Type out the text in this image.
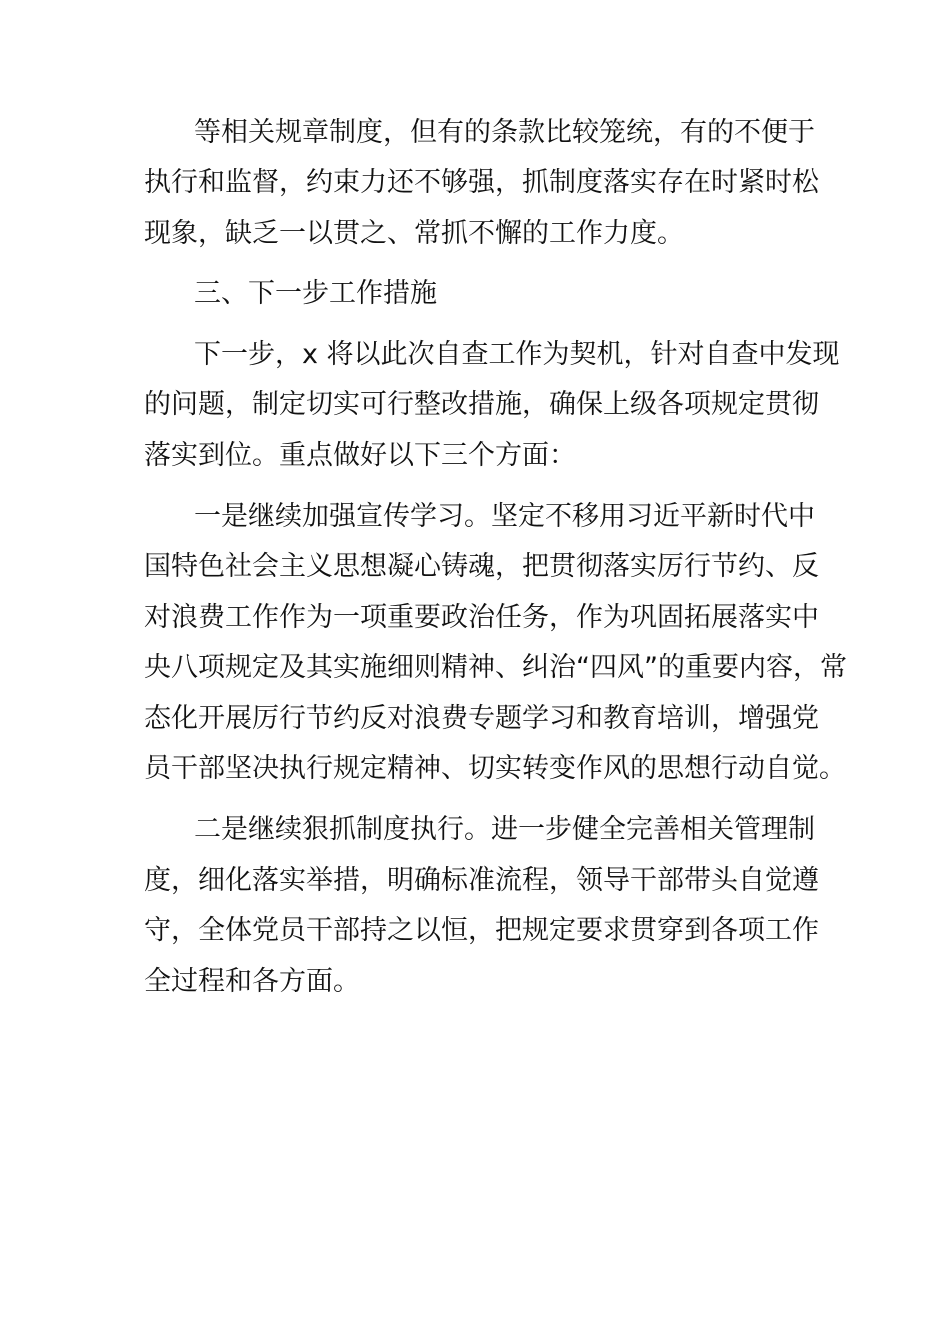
等相关规章制度，但有的条款比较笼统，有的不便于
执行和监督，约束力还不够强，抓制度落实存在时紧时松
现象，缺乏一以贯之、常抓不懈的工作力度。
三、下一步工作措施
下一步，x 将以此次自查工作为契机，针对自查中发现
的问题，制定切实可行整改措施，确保上级各项规定贯彻
落实到位。重点做好以下三个方面：
一是继续加强宣传学习。坚定不移用习近平新时代中
国特色社会主义思想凝心铸魂，把贯彻落实厉行节约、反
对浪费工作作为一项重要政治任务，作为巩固拓展落实中
央八项规定及其实施细则精神、纠治“四风”的重要内容，常
态化开展厉行节约反对浪费专题学习和教育培训，增强党
员干部坚决执行规定精神、切实转变作风的思想行动自觉。
二是继续狠抓制度执行。进一步健全完善相关管理制
度，细化落实举措，明确标准流程，领导干部带头自觉遵
守，全体党员干部持之以恒，把规定要求贯穿到各项工作
全过程和各方面。
